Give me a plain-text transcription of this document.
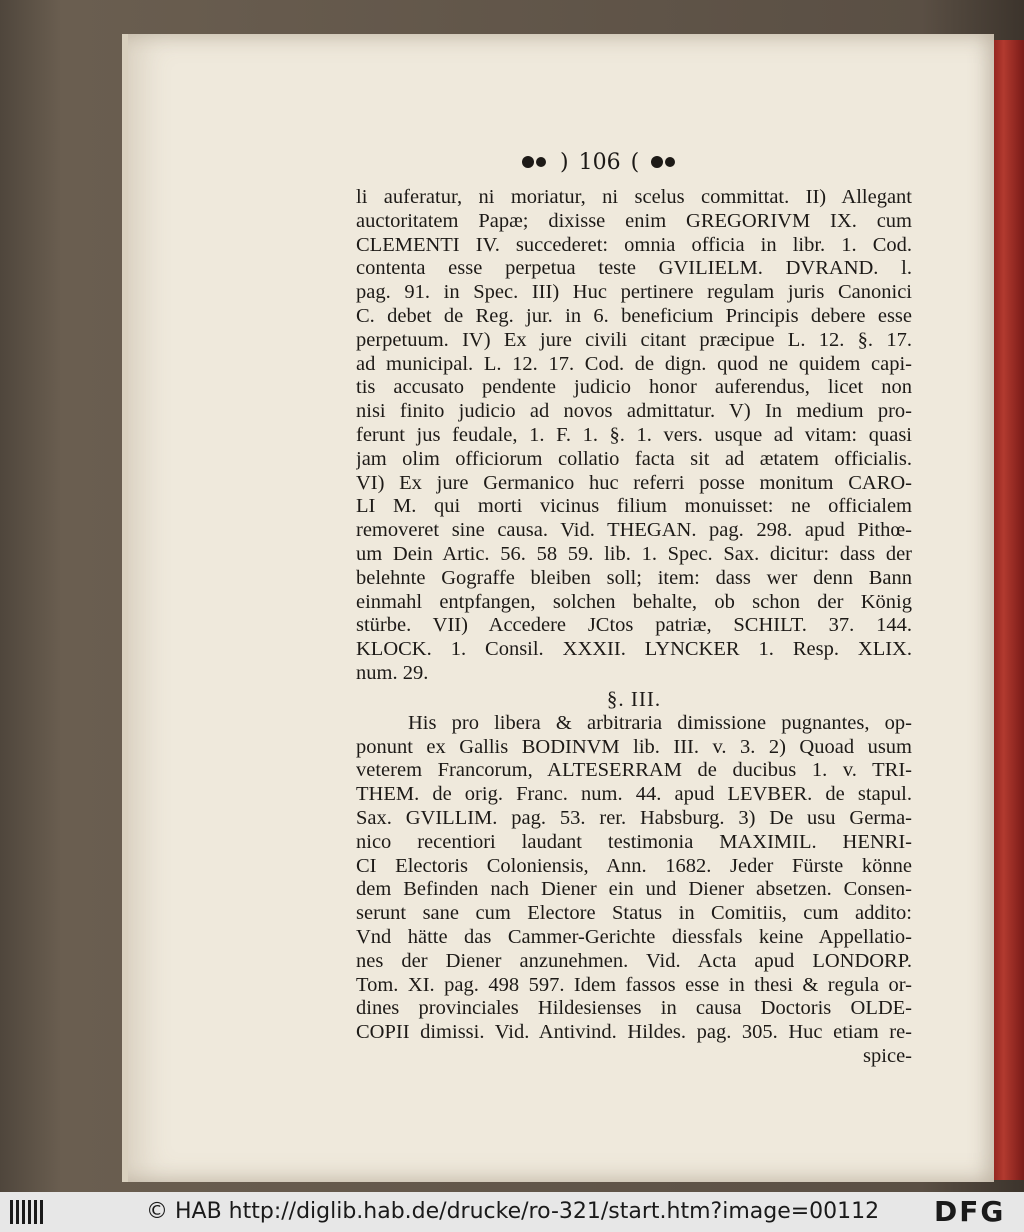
) 106 (
li auferatur, ni moriatur, ni scelus committat. II) Allegant
auctoritatem Papæ; dixisse enim GREGORIVM IX. cum
CLEMENTI IV. succederet: omnia officia in libr. 1. Cod.
contenta esse perpetua teste GVILIELM. DVRAND. l.
pag. 91. in Spec. III) Huc pertinere regulam juris Canonici
C. debet de Reg. jur. in 6. beneficium Principis debere esse
perpetuum. IV) Ex jure civili citant præcipue L. 12. §. 17.
ad municipal. L. 12. 17. Cod. de dign. quod ne quidem capi-
tis accusato pendente judicio honor auferendus, licet non
nisi finito judicio ad novos admittatur. V) In medium pro-
ferunt jus feudale, 1. F. 1. §. 1. vers. usque ad vitam: quasi
jam olim officiorum collatio facta sit ad ætatem officialis.
VI) Ex jure Germanico huc referri posse monitum CARO-
LI M. qui morti vicinus filium monuisset: ne officialem
removeret sine causa. Vid. THEGAN. pag. 298. apud Pithœ-
um Dein Artic. 56. 58 59. lib. 1. Spec. Sax. dicitur: dass der
belehnte Gograffe bleiben soll; item: dass wer denn Bann
einmahl entpfangen, solchen behalte, ob schon der König
stürbe. VII) Accedere JCtos patriæ, SCHILT. 37. 144.
KLOCK. 1. Consil. XXXII. LYNCKER 1. Resp. XLIX.
num. 29.
§. III.
His pro libera & arbitraria dimissione pugnantes, op-
ponunt ex Gallis BODINVM lib. III. v. 3. 2) Quoad usum
veterem Francorum, ALTESERRAM de ducibus 1. v. TRI-
THEM. de orig. Franc. num. 44. apud LEVBER. de stapul.
Sax. GVILLIM. pag. 53. rer. Habsburg. 3) De usu Germa-
nico recentiori laudant testimonia MAXIMIL. HENRI-
CI Electoris Coloniensis, Ann. 1682. Jeder Fürste könne
dem Befinden nach Diener ein und Diener absetzen. Consen-
serunt sane cum Electore Status in Comitiis, cum addito:
Vnd hätte das Cammer-Gerichte diessfals keine Appellatio-
nes der Diener anzunehmen. Vid. Acta apud LONDORP.
Tom. XI. pag. 498 597. Idem fassos esse in thesi & regula or-
dines provinciales Hildesienses in causa Doctoris OLDE-
COPII dimissi. Vid. Antivind. Hildes. pag. 305. Huc etiam re-
spice-
© HAB http://diglib.hab.de/drucke/ro-321/start.htm?image=00112 DFG
